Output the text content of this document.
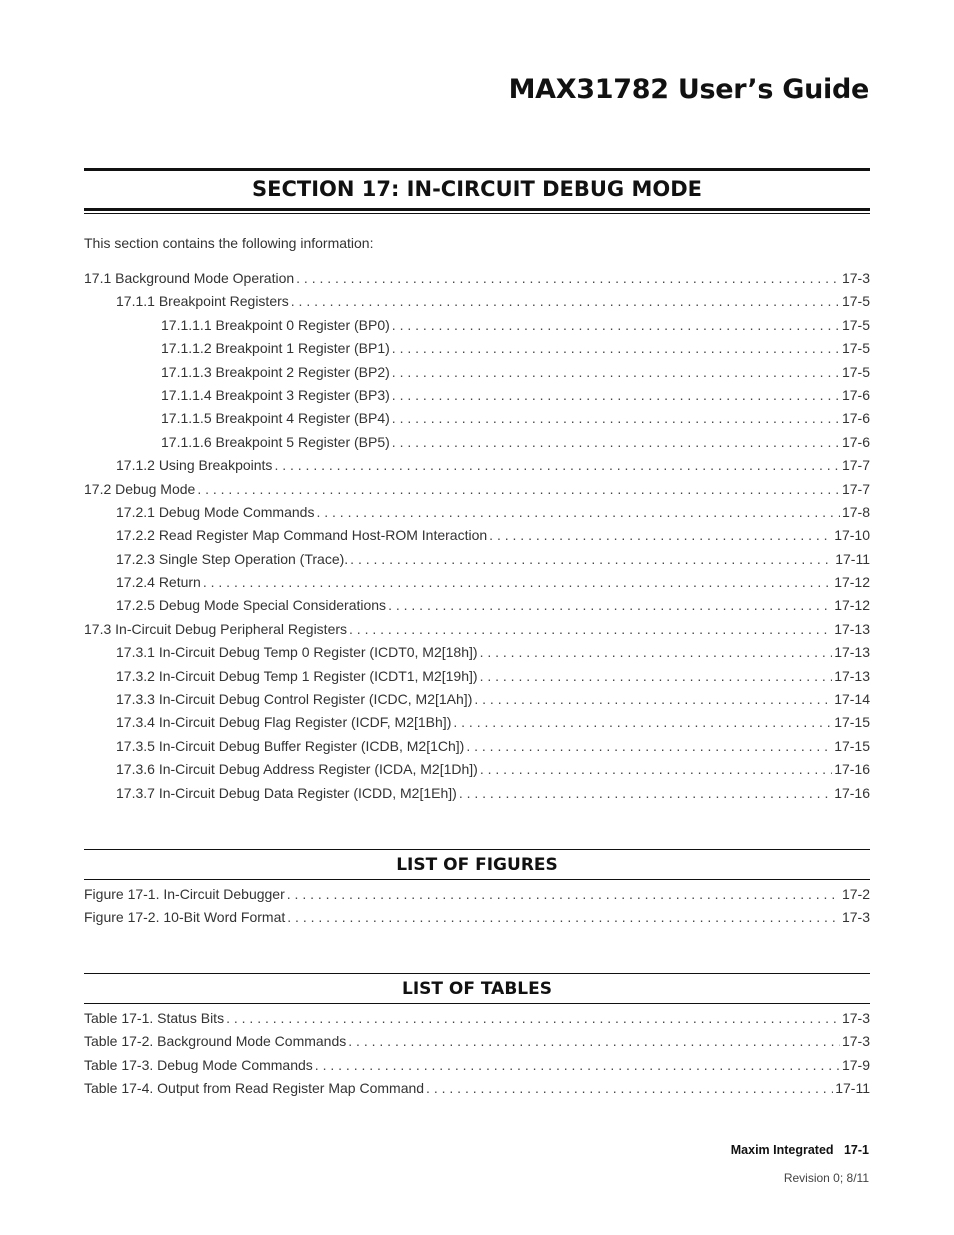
MAX31782 User’s Guide
SECTION 17: IN-CIRCUIT DEBUG MODE

This section contains the following information:

17.1 Background Mode Operation . . .	17-3
17.1.1 Breakpoint Registers . . .	17-5
17.1.1.1 Breakpoint 0 Register (BP0) . . .	17-5
17.1.1.2 Breakpoint 1 Register (BP1) . . .	17-5
17.1.1.3 Breakpoint 2 Register (BP2) . . .	17-5
17.1.1.4 Breakpoint 3 Register (BP3) . . .	17-6
17.1.1.5 Breakpoint 4 Register (BP4) . . .	17-6
17.1.1.6 Breakpoint 5 Register (BP5) . . .	17-6
17.1.2 Using Breakpoints . . .	17-7
17.2 Debug Mode . . .	17-7
17.2.1 Debug Mode Commands . . .	17-8
17.2.2 Read Register Map Command Host-ROM Interaction . . .	17-10
17.2.3 Single Step Operation (Trace). . . .	17-11
17.2.4 Return . . .	17-12
17.2.5 Debug Mode Special Considerations . . .	17-12
17.3 In-Circuit Debug Peripheral Registers . . .	17-13
17.3.1 In-Circuit Debug Temp 0 Register (ICDT0, M2[18h]) . . .	17-13
17.3.2 In-Circuit Debug Temp 1 Register (ICDT1, M2[19h]) . . .	17-13
17.3.3 In-Circuit Debug Control Register (ICDC, M2[1Ah]) . . .	17-14
17.3.4 In-Circuit Debug Flag Register (ICDF, M2[1Bh]) . . .	17-15
17.3.5 In-Circuit Debug Buffer Register (ICDB, M2[1Ch]) . . .	17-15
17.3.6 In-Circuit Debug Address Register (ICDA, M2[1Dh]) . . .	17-16
17.3.7 In-Circuit Debug Data Register (ICDD, M2[1Eh]) . . .	17-16
LIST OF FIGURES
Figure 17-1. In-Circuit Debugger . . .	17-2
Figure 17-2. 10-Bit Word Format . . .	17-3
LIST OF TABLES
Table 17-1. Status Bits . . .	17-3
Table 17-2. Background Mode Commands . . .	17-3
Table 17-3. Debug Mode Commands . . .	17-9
Table 17-4. Output from Read Register Map Command . . .	17-11

Maxim Integrated   17-1

Revision 0; 8/11
